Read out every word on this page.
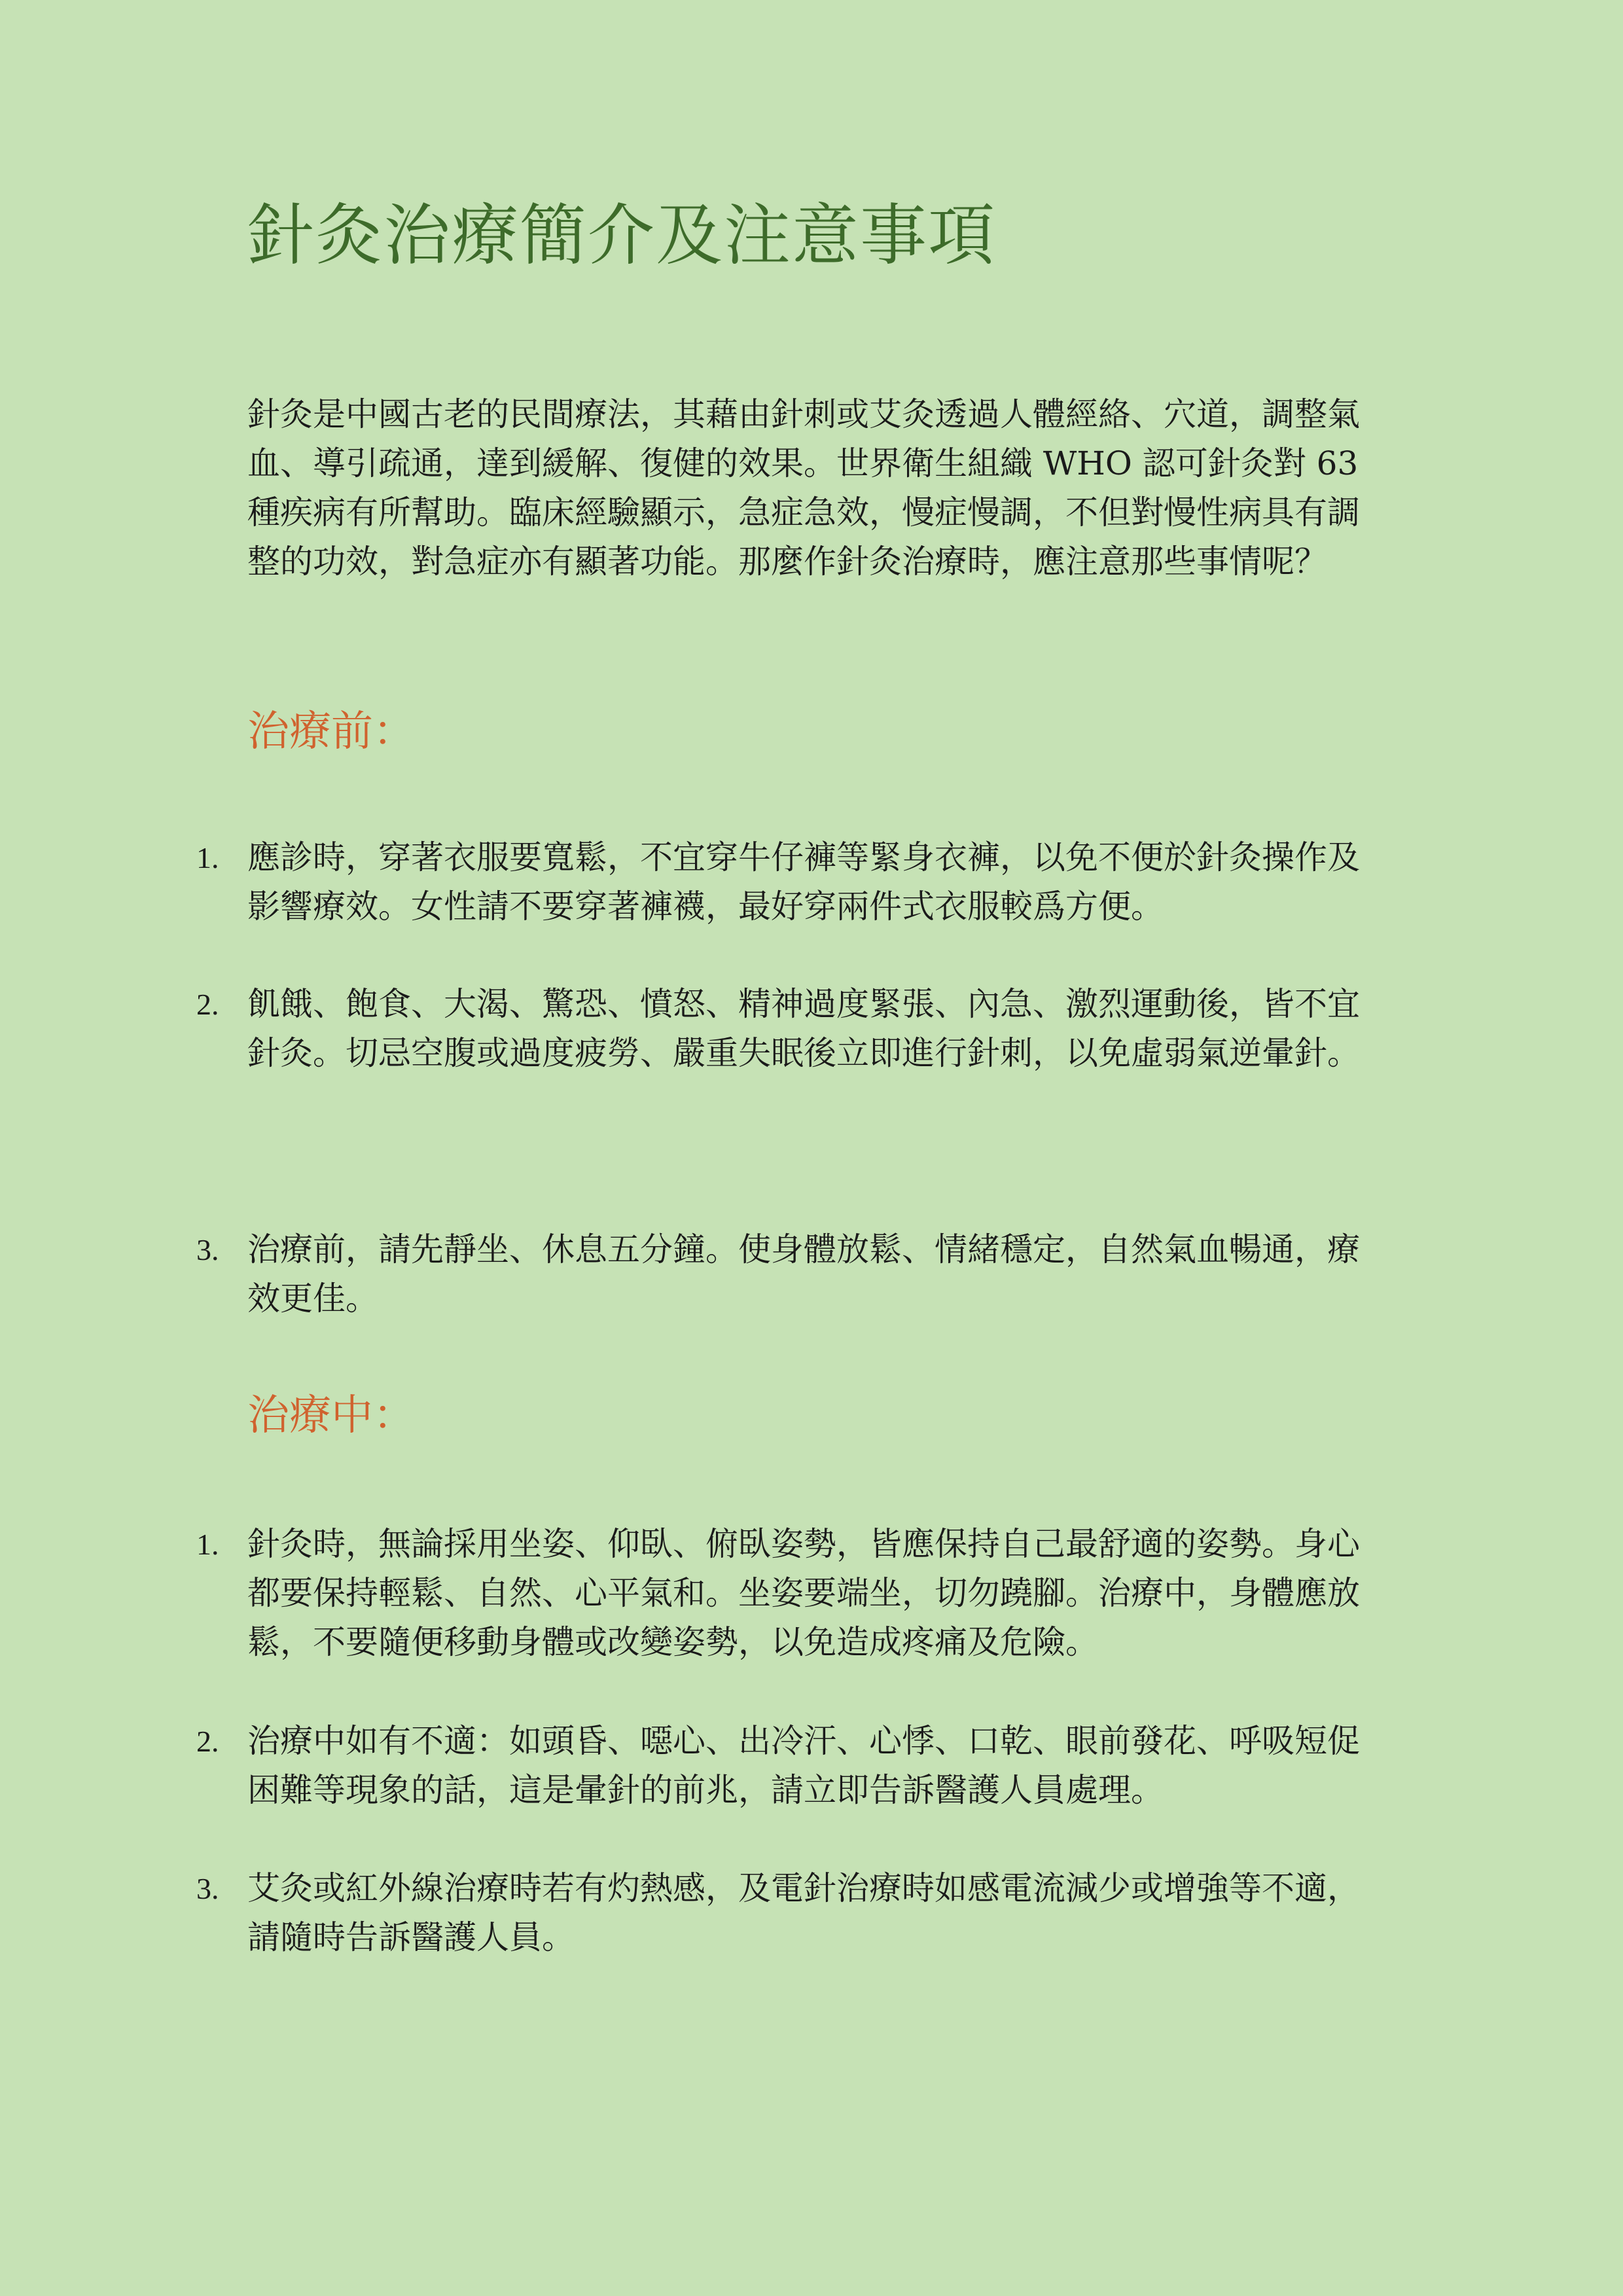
針灸治療簡介及注意事項

針灸是中國古老的民間療法，其藉由針刺或艾灸透過人體經絡、穴道，調整氣血、導引疏通，達到緩解、復健的效果。世界衛生組織 WHO 認可針灸對 63 種疾病有所幫助。臨床經驗顯示，急症急效，慢症慢調，不但對慢性病具有調整的功效，對急症亦有顯著功能。那麼作針灸治療時，應注意那些事情呢？

治療前：
1. 應診時，穿著衣服要寬鬆，不宜穿牛仔褲等緊身衣褲，以免不便於針灸操作及影響療效。女性請不要穿著褲襪，最好穿兩件式衣服較爲方便。
2. 飢餓、飽食、大渴、驚恐、憤怒、精神過度緊張、內急、激烈運動後，皆不宜針灸。切忌空腹或過度疲勞、嚴重失眠後立即進行針刺，以免虛弱氣逆暈針。
3. 治療前，請先靜坐、休息五分鐘。使身體放鬆、情緒穩定，自然氣血暢通，療效更佳。
治療中：
1. 針灸時，無論採用坐姿、仰臥、俯臥姿勢，皆應保持自己最舒適的姿勢。身心都要保持輕鬆、自然、心平氣和。坐姿要端坐，切勿蹺腳。治療中，身體應放鬆，不要隨便移動身體或改變姿勢，以免造成疼痛及危險。
2. 治療中如有不適：如頭昏、噁心、出冷汗、心悸、口乾、眼前發花、呼吸短促困難等現象的話，這是暈針的前兆，請立即告訴醫護人員處理。
3. 艾灸或紅外線治療時若有灼熱感，及電針治療時如感電流減少或增強等不適，請隨時告訴醫護人員。
